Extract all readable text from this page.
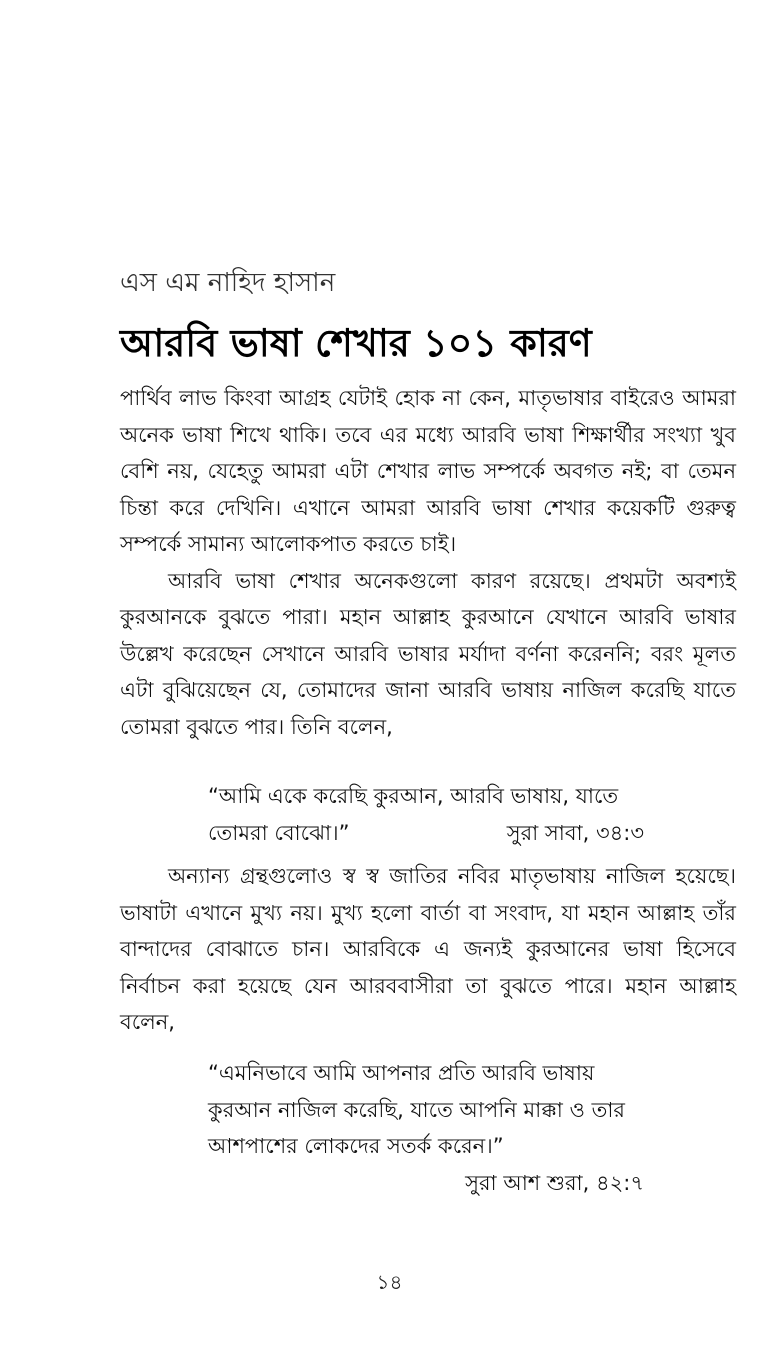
এস এম নাহিদ হাসান
আরবি ভাষা শেখার ১০১ কারণ

পার্থিব লাভ কিংবা আগ্রহ যেটাই হোক না কেন, মাতৃভাষার বাইরেও আমরা অনেক ভাষা শিখে থাকি। তবে এর মধ্যে আরবি ভাষা শিক্ষার্থীর সংখ্যা খুব বেশি নয়, যেহেতু আমরা এটা শেখার লাভ সম্পর্কে অবগত নই; বা তেমন চিন্তা করে দেখিনি। এখানে আমরা আরবি ভাষা শেখার কয়েকটি গুরুত্ব সম্পর্কে সামান্য আলোকপাত করতে চাই।

আরবি ভাষা শেখার অনেকগুলো কারণ রয়েছে। প্রথমটা অবশ্যই কুরআনকে বুঝতে পারা। মহান আল্লাহ কুরআনে যেখানে আরবি ভাষার উল্লেখ করেছেন সেখানে আরবি ভাষার মর্যাদা বর্ণনা করেননি; বরং মূলত এটা বুঝিয়েছেন যে, তোমাদের জানা আরবি ভাষায় নাজিল করেছি যাতে তোমরা বুঝতে পার। তিনি বলেন,

“আমি একে করেছি কুরআন, আরবি ভাষায়, যাতে
তোমরা বোঝো।”	সুরা সাবা, ৩৪:৩

অন্যান্য গ্রন্থগুলোও স্ব স্ব জাতির নবির মাতৃভাষায় নাজিল হয়েছে। ভাষাটা এখানে মুখ্য নয়। মুখ্য হলো বার্তা বা সংবাদ, যা মহান আল্লাহ তাঁর বান্দাদের বোঝাতে চান। আরবিকে এ জন্যই কুরআনের ভাষা হিসেবে নির্বাচন করা হয়েছে যেন আরববাসীরা তা বুঝতে পারে। মহান আল্লাহ বলেন,

“এমনিভাবে আমি আপনার প্রতি আরবি ভাষায়
কুরআন নাজিল করেছি, যাতে আপনি মাক্কা ও তার
আশপাশের লোকদের সতর্ক করেন।”
সুরা আশ শুরা, ৪২:৭
১৪
